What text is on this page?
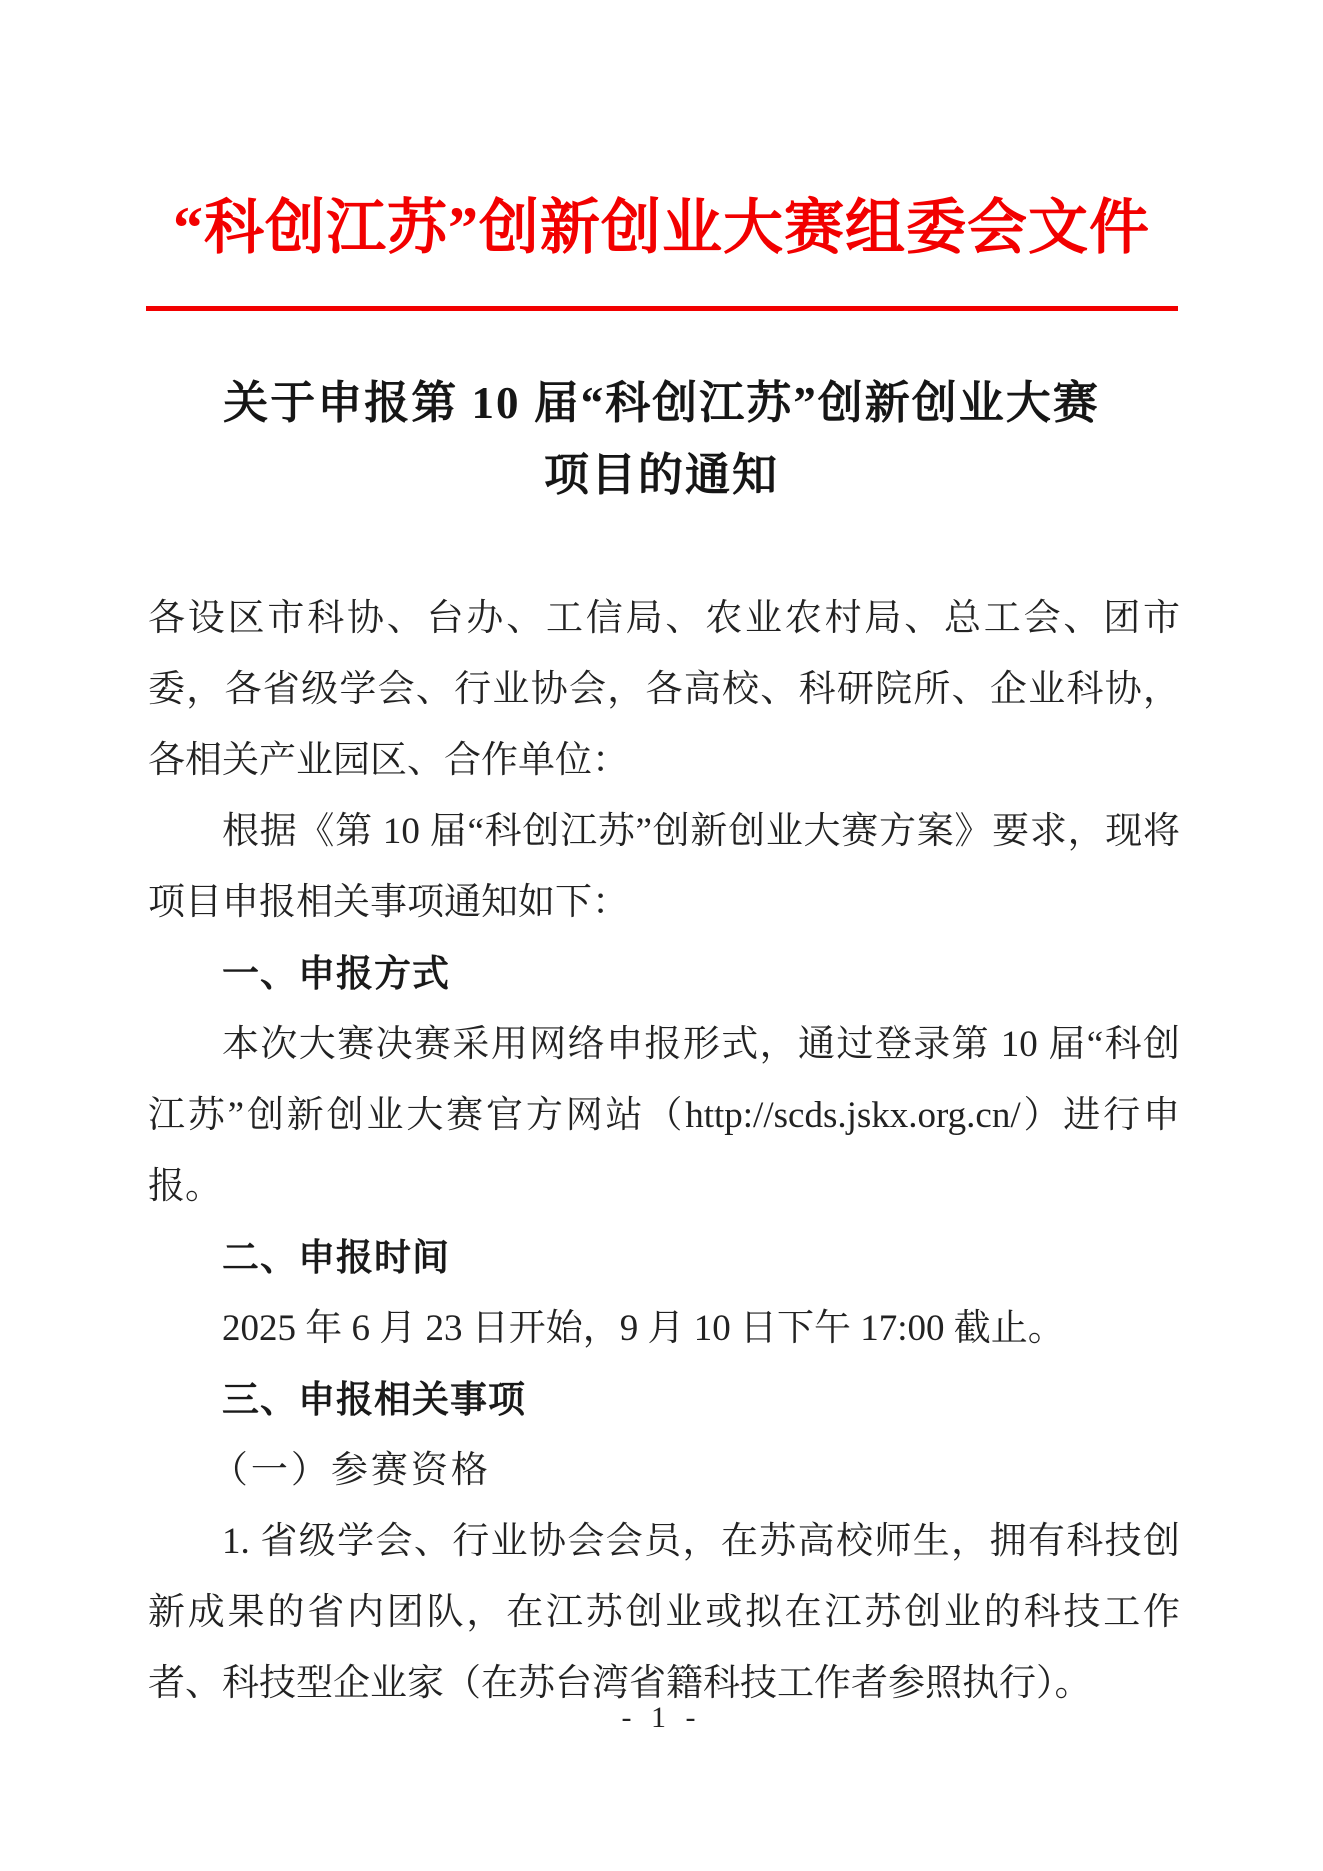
“科创江苏”创新创业大赛组委会文件
关于申报第 10 届“科创江苏”创新创业大赛
项目的通知

各设区市科协、台办、工信局、农业农村局、总工会、团市委，各省级学会、行业协会，各高校、科研院所、企业科协，各相关产业园区、合作单位：

根据《第 10 届“科创江苏”创新创业大赛方案》要求，现将项目申报相关事项通知如下：

一、申报方式

本次大赛决赛采用网络申报形式，通过登录第 10 届“科创江苏”创新创业大赛官方网站（http://scds.jskx.org.cn/）进行申报。

二、申报时间

2025 年 6 月 23 日开始，9 月 10 日下午 17:00 截止。

三、申报相关事项
（一）参赛资格

1. 省级学会、行业协会会员，在苏高校师生，拥有科技创新成果的省内团队，在江苏创业或拟在江苏创业的科技工作者、科技型企业家（在苏台湾省籍科技工作者参照执行）。

- 1 -
